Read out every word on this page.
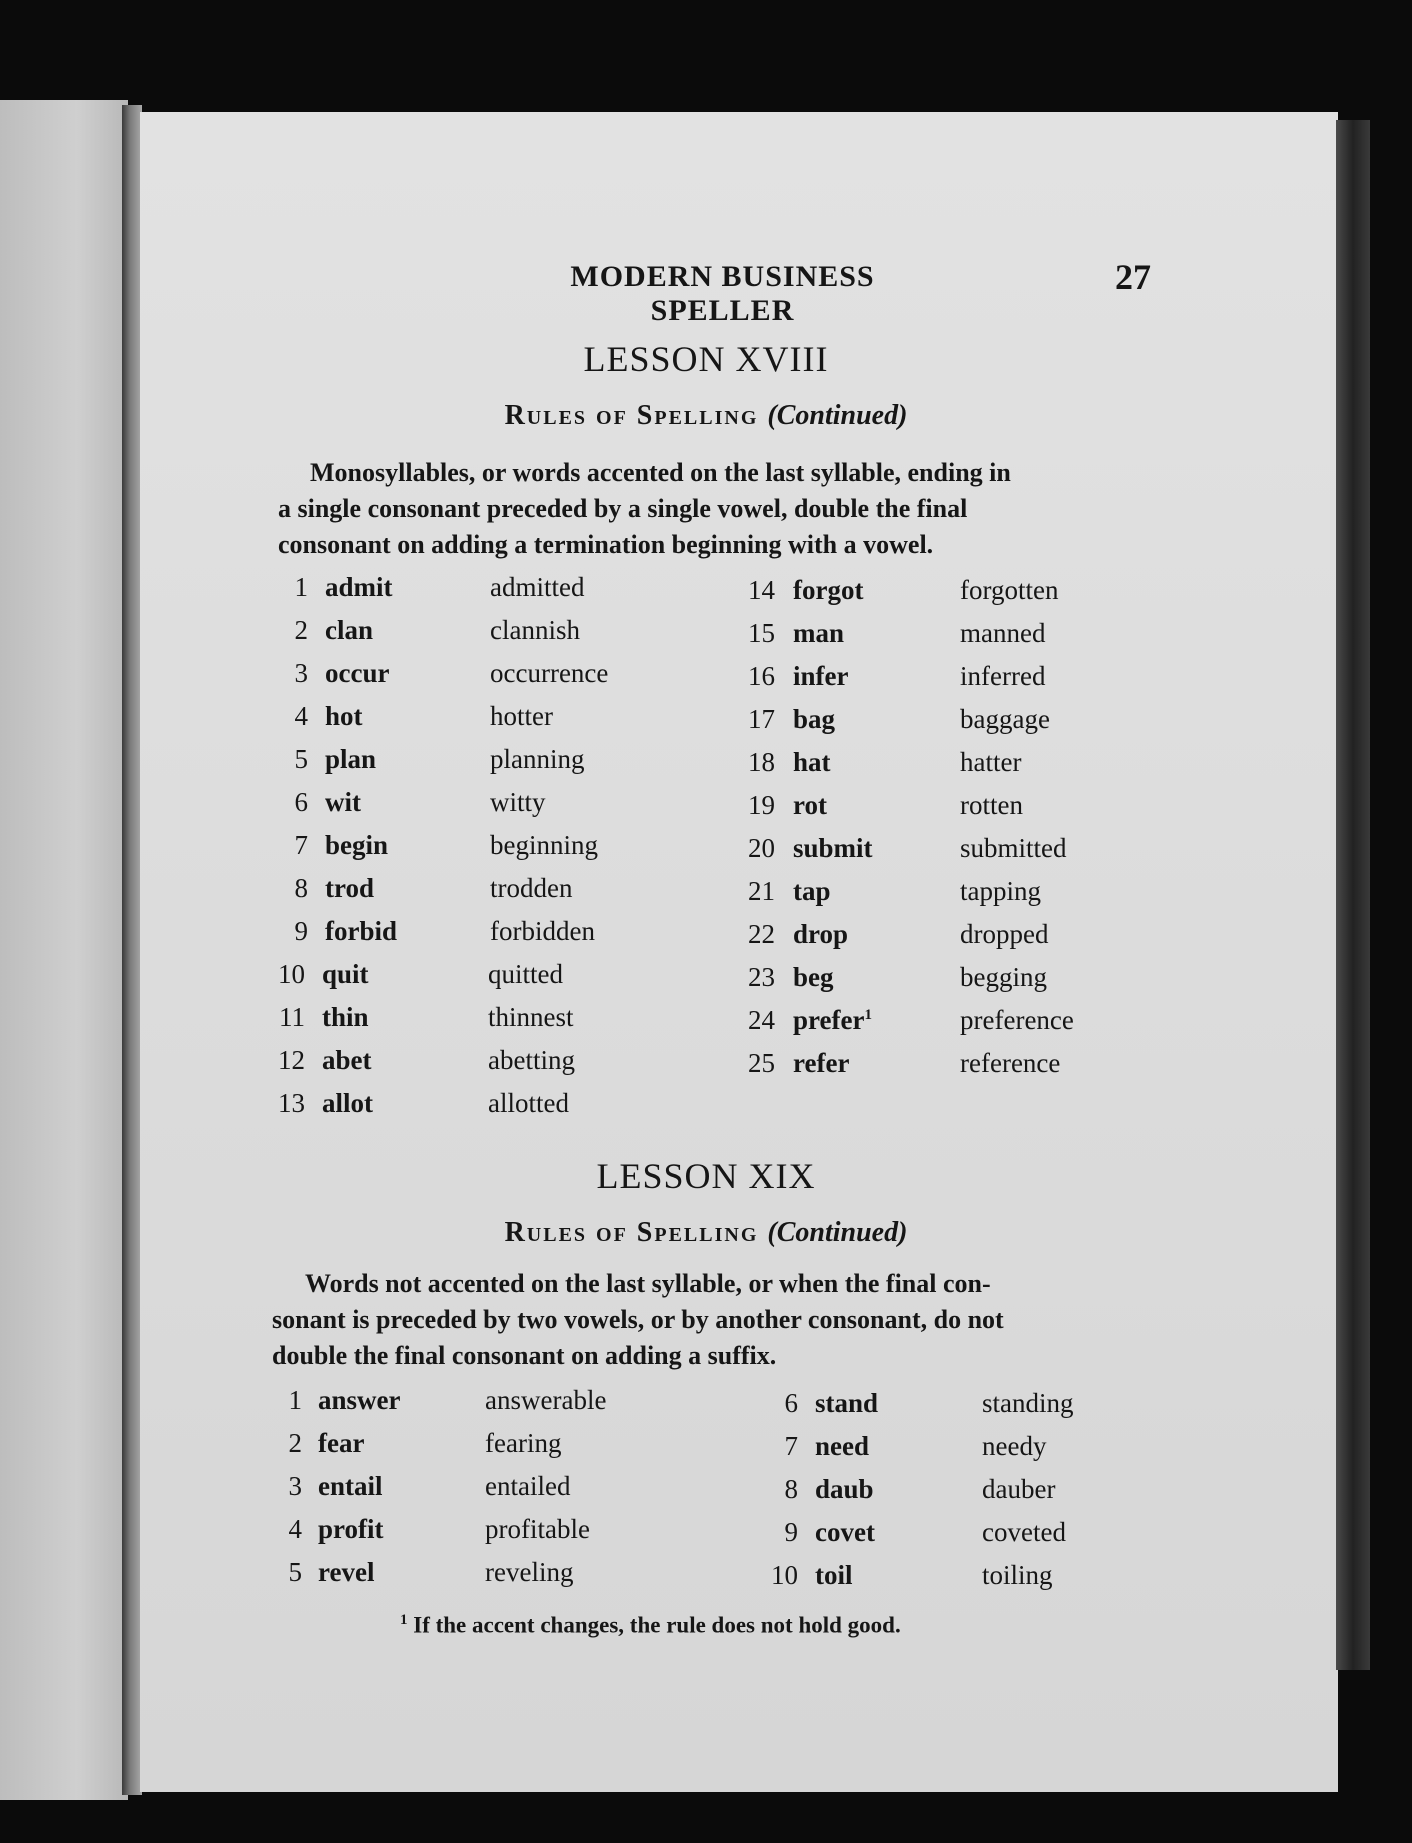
MODERN BUSINESS SPELLER
27
LESSON XVIII
Rules of Spelling (Continued)
Monosyllables, or words accented on the last syllable, ending in
a single consonant preceded by a single vowel, double the final
consonant on adding a termination beginning with a vowel.
1 admit	admitted
2 clan	clannish
3 occur	occurrence
4 hot	hotter
5 plan	planning
6 wit	witty
7 begin	beginning
8 trod	trodden
9 forbid	forbidden
10 quit	quitted
11 thin	thinnest
12 abet	abetting
13 allot	allotted
14 forgot	forgotten
15 man	manned
16 infer	inferred
17 bag	baggage
18 hat	hatter
19 rot	rotten
20 submit	submitted
21 tap	tapping
22 drop	dropped
23 beg	begging
24 prefer$^1$	preference
25 refer	reference
LESSON XIX
Rules of Spelling (Continued)
Words not accented on the last syllable, or when the final con-
sonant is preceded by two vowels, or by another consonant, do not
double the final consonant on adding a suffix.
1 answer	answerable
2 fear	fearing
3 entail	entailed
4 profit	profitable
5 revel	reveling
6 stand	standing
7 need	needy
8 daub	dauber
9 covet	coveted
10 toil	toiling
$^1$ If the accent changes, the rule does not hold good.
